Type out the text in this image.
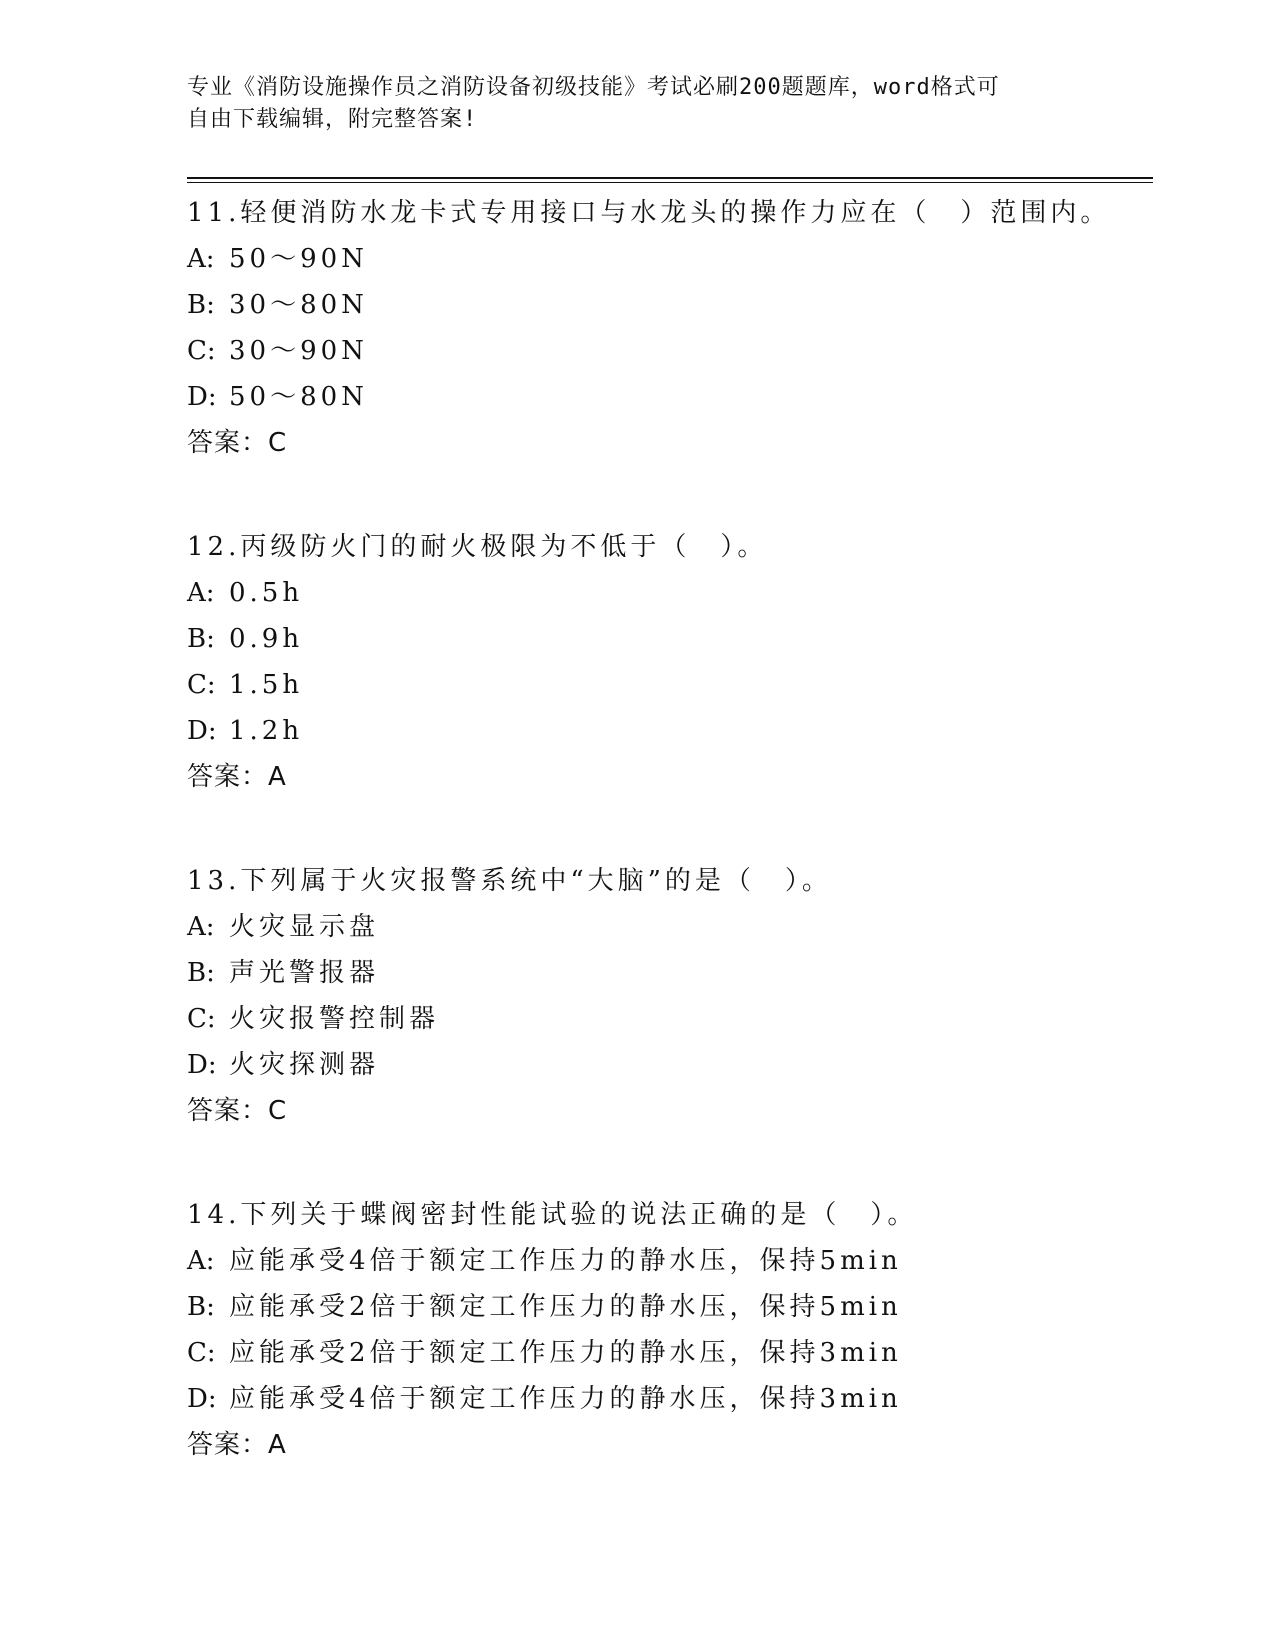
专业《消防设施操作员之消防设备初级技能》考试必刷200题题库，word格式可
自由下载编辑，附完整答案!
11.轻便消防水龙卡式专用接口与水龙头的操作力应在（　）范围内。
A: 50～90N
B: 30～80N
C: 30～90N
D: 50～80N
答案：C
12.丙级防火门的耐火极限为不低于（　）。
A: 0.5h
B: 0.9h
C: 1.5h
D: 1.2h
答案：A
13.下列属于火灾报警系统中“大脑”的是（　）。
A: 火灾显示盘
B: 声光警报器
C: 火灾报警控制器
D: 火灾探测器
答案：C
14.下列关于蝶阀密封性能试验的说法正确的是（　）。
A: 应能承受4倍于额定工作压力的静水压，保持5min
B: 应能承受2倍于额定工作压力的静水压，保持5min
C: 应能承受2倍于额定工作压力的静水压，保持3min
D: 应能承受4倍于额定工作压力的静水压，保持3min
答案：A
